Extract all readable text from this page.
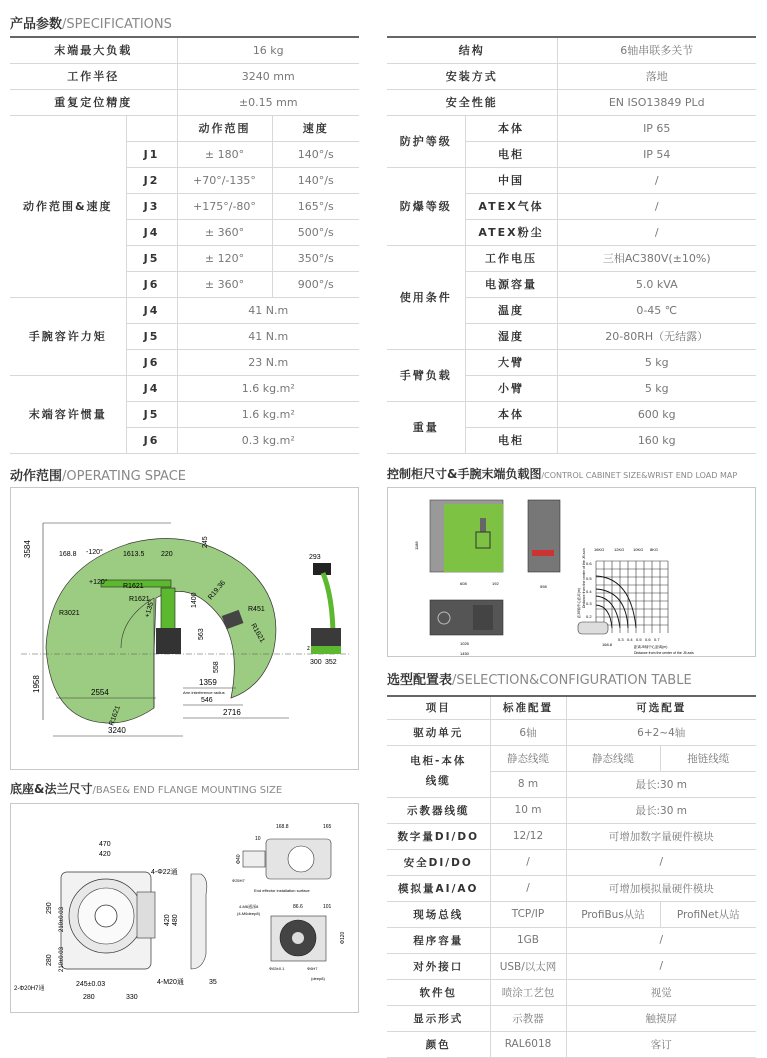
产品参数/SPECIFICATIONS
末端最大负载		16 kg	
工作半径		3240 mm	
重复定位精度		±0.15 mm	
动作范围&速度		动作范围	速度
	J1	± 180°	140°/s
	J2	+70°/-135°	140°/s
	J3	+175°/-80°	165°/s
	J4	± 360°	500°/s
	J5	± 120°	350°/s
	J6	± 360°	900°/s
手腕容许力矩	J4	41 N.m	
	J5	41 N.m	
	J6	23 N.m	
末端容许惯量	J4	1.6 kg.m²	
	J5	1.6 kg.m²	
	J6	0.3 kg.m²	
结构		6轴串联多关节
安装方式		落地
安全性能		EN ISO13849 PLd
防护等级	本体	IP 65
	电柜	IP 54
防爆等级	中国	/
	ATEX气体	/
	ATEX粉尘	/
使用条件	工作电压	三相AC380V(±10%)
	电源容量	5.0 kVA
	温度	0-45 ℃
	湿度	20-80RH（无结露）
手臂负载	大臂	5 kg
	小臂	5 kg
重量	本体	600 kg
	电柜	160 kg
动作范围/OPERATING SPACE
3584	168.8 -120°	1613.5 220
245
+120°
R1621
R1621
R3021
1400 R19.36
+135°	R451
R1621
563
558
2554
1359
Arm interference radius
546
2716
1958
R1621
3240
293
300 352
z
底座&法兰尺寸/BASE& END FLANGE MOUNTING SIZE
470
420
4-Φ22通
290 210±0.03
210±0.03
280
420 480
2-Φ20H7通
245±0.03
280	330
4-M20通	35
168.8	165
10
Φ40
Φ25H7
End effector installation surface
4-M6通深8
(4-M6deep8)
86.6	101
Φ120
Φ63±0.1	Φ6H7
(deep8)
控制柜尺寸&手腕末端负载图/CONTROL CABINET SIZE&WRIST END LOAD MAP
1188
608	192
598
1025
1450
16KG 12KG 10KG 8KG
0.6
0.5
0.4
0.3
0.2
0.3 0.4 0.5 0.6 0.7
距J6轴中心距离(m) Distance from the center of the J6 axis
距离J5轴中心距离(m)
Distance from the center of the J5 axis
168.8
选型配置表/SELECTION&CONFIGURATION TABLE
项目	标准配置	可选配置	
驱动单元	6轴	6+2~4轴	
电柜-本体线缆	静态线缆	静态线缆	拖链线缆
	8 m	最长:30 m	
示教器线缆	10 m	最长:30 m	
数字量DI/DO	12/12	可增加数字量硬件模块	
安全DI/DO	/	/	
模拟量AI/AO	/	可增加模拟量硬件模块	
现场总线	TCP/IP	ProfiBus从站	ProfiNet从站
程序容量	1GB	/	
对外接口	USB/以太网	/	
软件包	喷涂工艺包	视觉	
显示形式	示教器	触摸屏	
颜色	RAL6018	客订	
